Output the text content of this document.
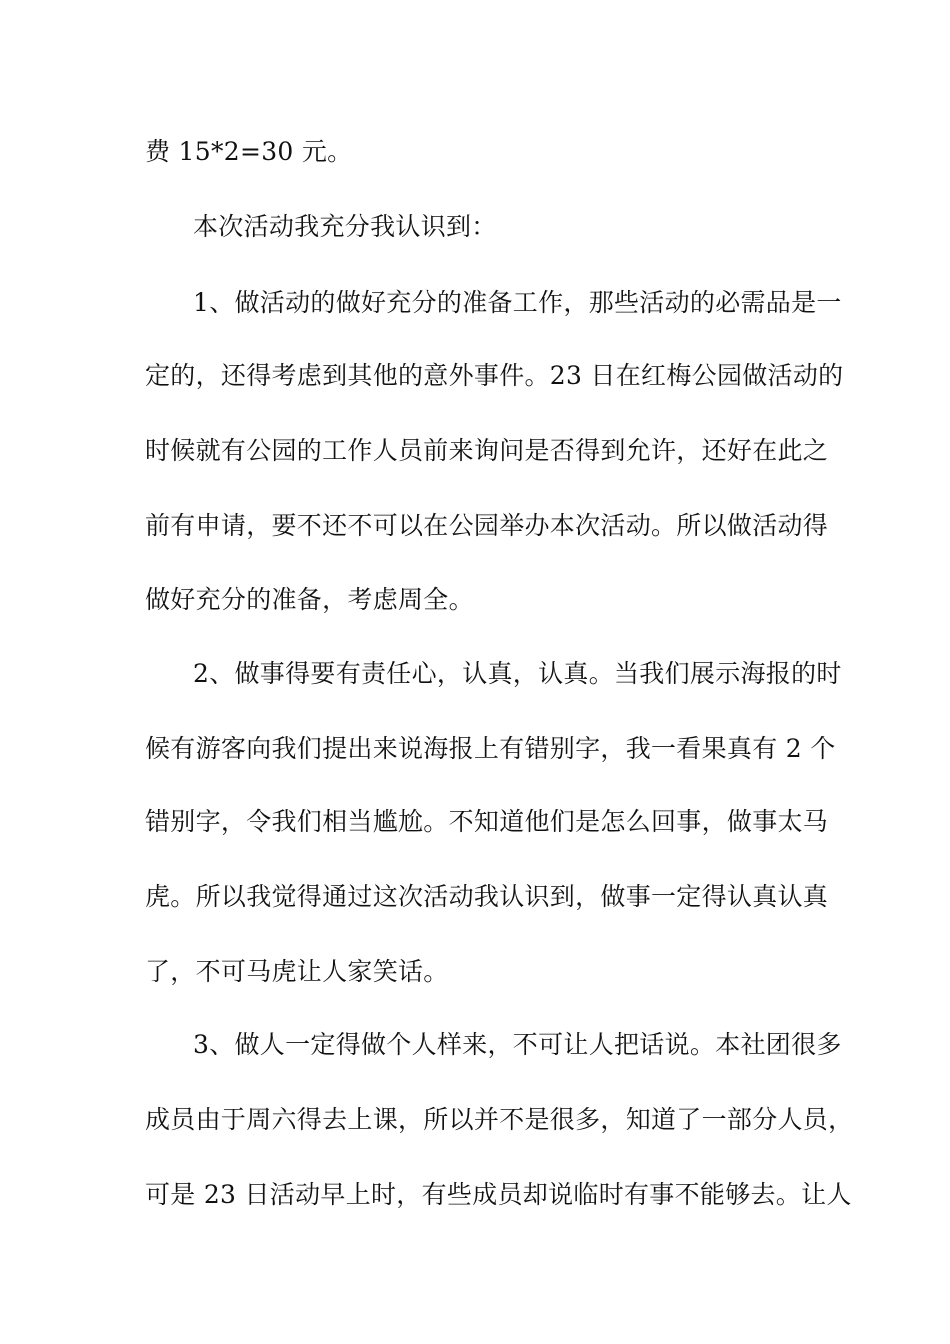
费 15*2=30 元。
本次活动我充分我认识到：
1、做活动的做好充分的准备工作，那些活动的必需品是一
定的，还得考虑到其他的意外事件。23 日在红梅公园做活动的
时候就有公园的工作人员前来询问是否得到允许，还好在此之
前有申请，要不还不可以在公园举办本次活动。所以做活动得
做好充分的准备，考虑周全。
2、做事得要有责任心，认真，认真。当我们展示海报的时
候有游客向我们提出来说海报上有错别字，我一看果真有 2 个
错别字，令我们相当尴尬。不知道他们是怎么回事，做事太马
虎。所以我觉得通过这次活动我认识到，做事一定得认真认真
了，不可马虎让人家笑话。
3、做人一定得做个人样来，不可让人把话说。本社团很多
成员由于周六得去上课，所以并不是很多，知道了一部分人员，
可是 23 日活动早上时，有些成员却说临时有事不能够去。让人
